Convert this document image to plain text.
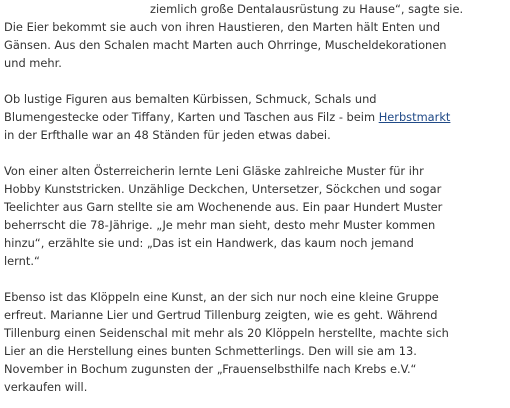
ziemlich große Dentalausrüstung zu Hause“, sagte sie.
Die Eier bekommt sie auch von ihren Haustieren, den Marten hält Enten und
Gänsen. Aus den Schalen macht Marten auch Ohrringe, Muscheldekorationen
und mehr.

Ob lustige Figuren aus bemalten Kürbissen, Schmuck, Schals und
Blumengestecke oder Tiffany, Karten und Taschen aus Filz - beim Herbstmarkt
in der Erfthalle war an 48 Ständen für jeden etwas dabei.

Von einer alten Österreicherin lernte Leni Gläske zahlreiche Muster für ihr
Hobby Kunststricken. Unzählige Deckchen, Untersetzer, Söckchen und sogar
Teelichter aus Garn stellte sie am Wochenende aus. Ein paar Hundert Muster
beherrscht die 78-Jährige. „Je mehr man sieht, desto mehr Muster kommen
hinzu“, erzählte sie und: „Das ist ein Handwerk, das kaum noch jemand
lernt.“

Ebenso ist das Klöppeln eine Kunst, an der sich nur noch eine kleine Gruppe
erfreut. Marianne Lier und Gertrud Tillenburg zeigten, wie es geht. Während
Tillenburg einen Seidenschal mit mehr als 20 Klöppeln herstellte, machte sich
Lier an die Herstellung eines bunten Schmetterlings. Den will sie am 13.
November in Bochum zugunsten der „Frauenselbsthilfe nach Krebs e.V.“
verkaufen will.
